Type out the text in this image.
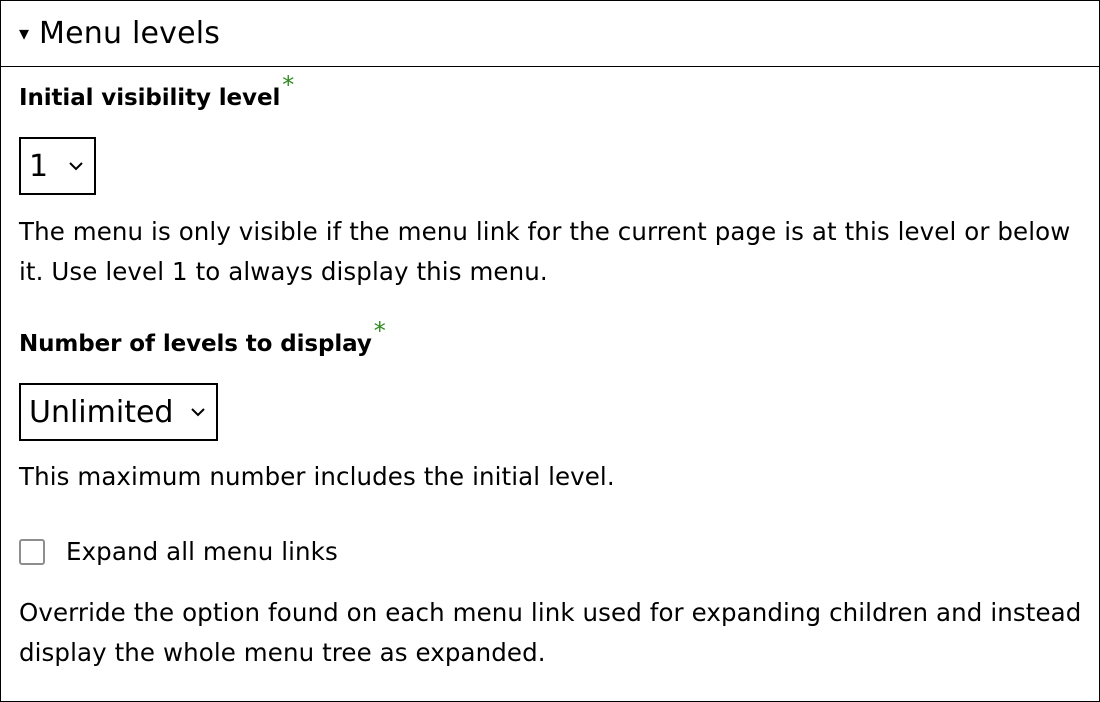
▾ Menu levels
Initial visibility level*
1
The menu is only visible if the menu link for the current page is at this level or below it. Use level 1 to always display this menu.
Number of levels to display*
Unlimited
This maximum number includes the initial level.
Expand all menu links
Override the option found on each menu link used for expanding children and instead display the whole menu tree as expanded.
